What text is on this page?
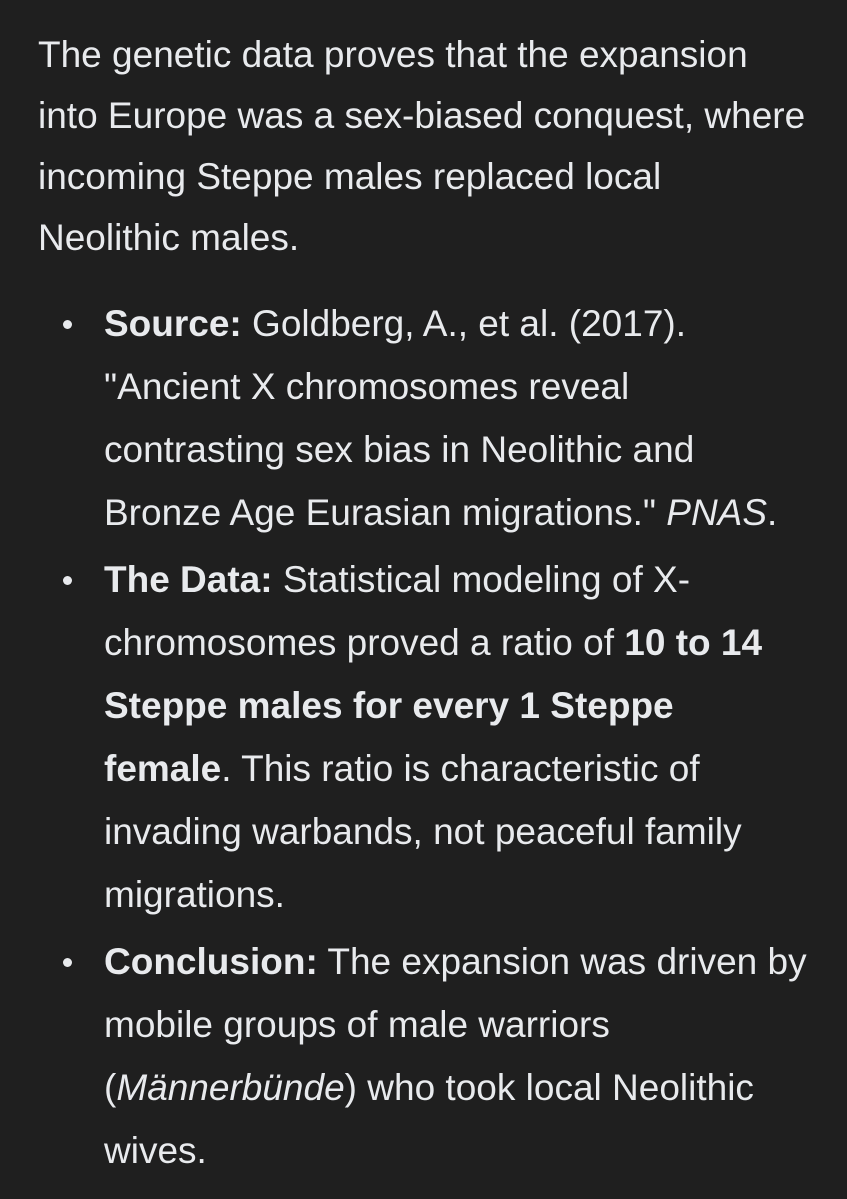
The genetic data proves that the expansion into Europe was a sex-biased conquest, where incoming Steppe males replaced local Neolithic males.

Source: Goldberg, A., et al. (2017). "Ancient X chromosomes reveal contrasting sex bias in Neolithic and Bronze Age Eurasian migrations." PNAS.
The Data: Statistical modeling of X-chromosomes proved a ratio of 10 to 14 Steppe males for every 1 Steppe female. This ratio is characteristic of invading warbands, not peaceful family migrations.
Conclusion: The expansion was driven by mobile groups of male warriors (Männerbünde) who took local Neolithic wives.
